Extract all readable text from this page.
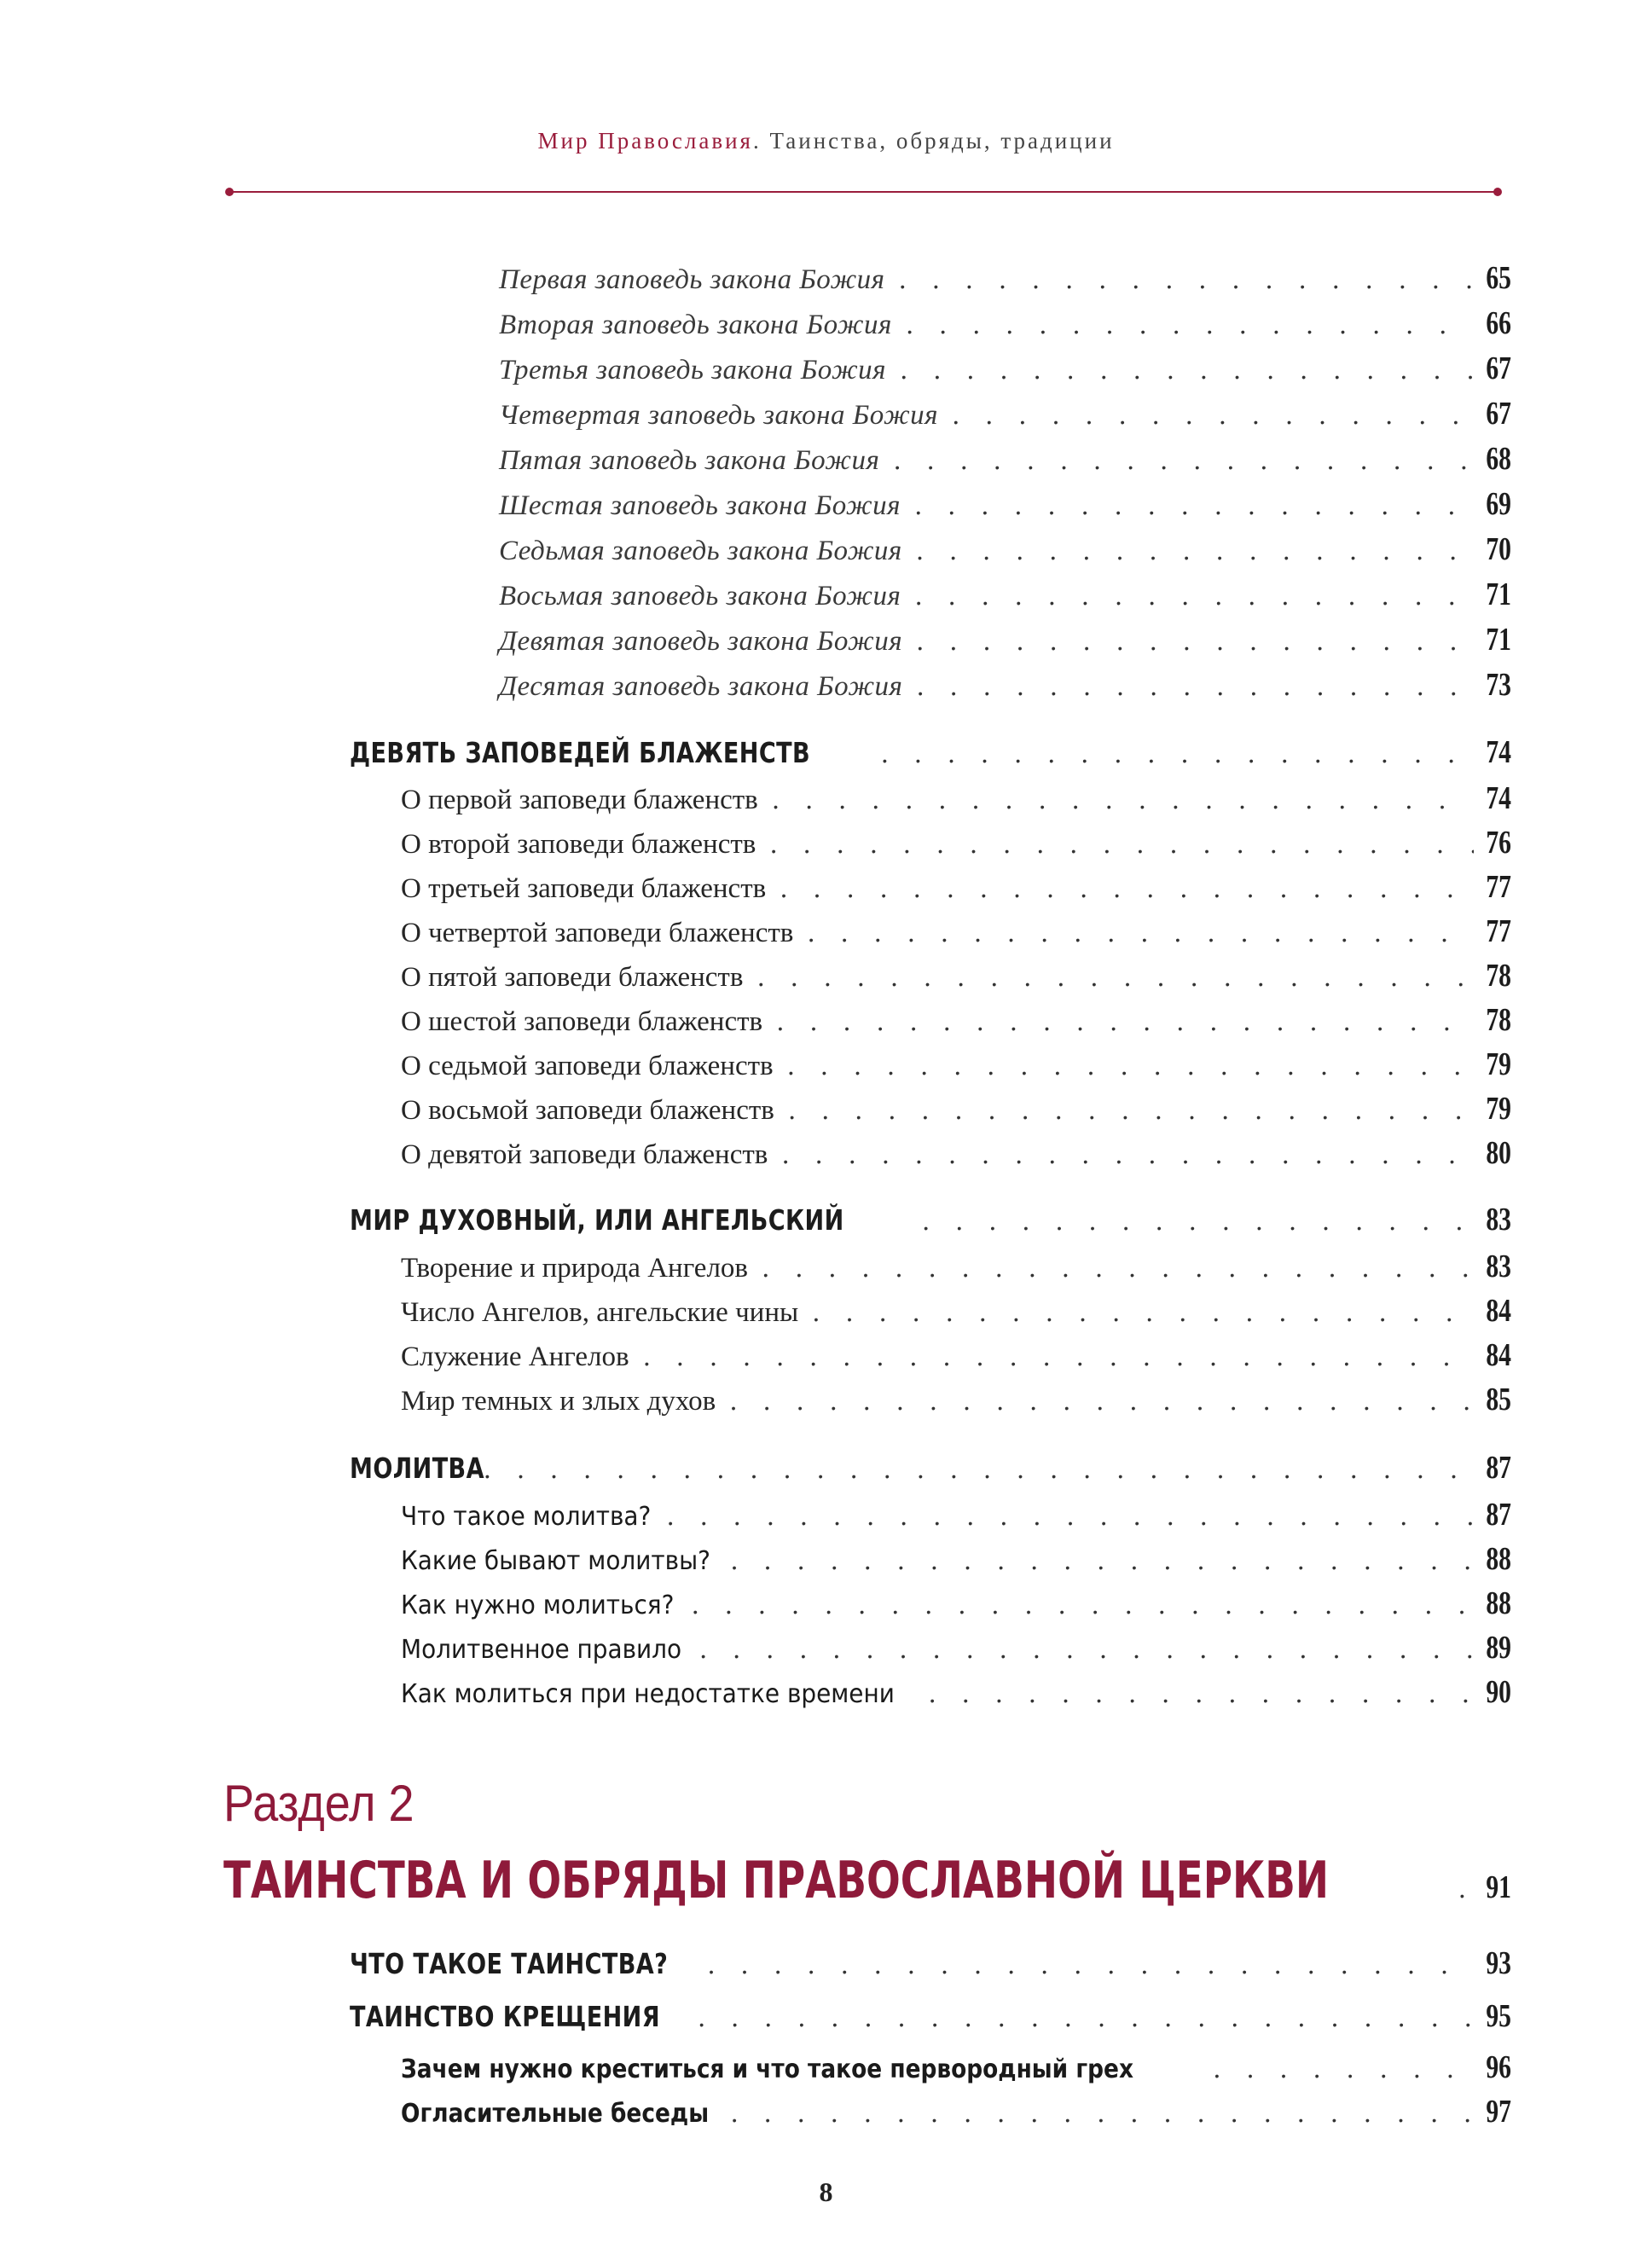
Мир Православия. Таинства, обряды, традиции
Первая заповедь закона Божия . . .	65
Вторая заповедь закона Божия . . .	66
Третья заповедь закона Божия . . .	67
Четвертая заповедь закона Божия . . .	67
Пятая заповедь закона Божия . . .	68
Шестая заповедь закона Божия . . .	69
Седьмая заповедь закона Божия . . .	70
Восьмая заповедь закона Божия . . .	71
Девятая заповедь закона Божия . . .	71
Десятая заповедь закона Божия . . .	73
ДЕВЯТЬ ЗАПОВЕДЕЙ БЛАЖЕНСТВ . . .	74
О первой заповеди блаженств . . .	74
О второй заповеди блаженств . . .	76
О третьей заповеди блаженств . . .	77
О четвертой заповеди блаженств . . .	77
О пятой заповеди блаженств . . .	78
О шестой заповеди блаженств . . .	78
О седьмой заповеди блаженств . . .	79
О восьмой заповеди блаженств . . .	79
О девятой заповеди блаженств . . .	80
МИР ДУХОВНЫЙ, ИЛИ АНГЕЛЬСКИЙ . . .	83
Творение и природа Ангелов . . .	83
Число Ангелов, ангельские чины . . .	84
Служение Ангелов . . .	84
Мир темных и злых духов . . .	85
МОЛИТВА . . .	87
Что такое молитва? . . .	87
Какие бывают молитвы? . . .	88
Как нужно молиться? . . .	88
Молитвенное правило . . .	89
Как молиться при недостатке времени . . .	90
Раздел 2
ТАИНСТВА И ОБРЯДЫ ПРАВОСЛАВНОЙ ЦЕРКВИ . . .	91
ЧТО ТАКОЕ ТАИНСТВА? . . .	93
ТАИНСТВО КРЕЩЕНИЯ . . .	95
Зачем нужно креститься и что такое первородный грех . . .	96
Огласительные беседы . . .	97
8
